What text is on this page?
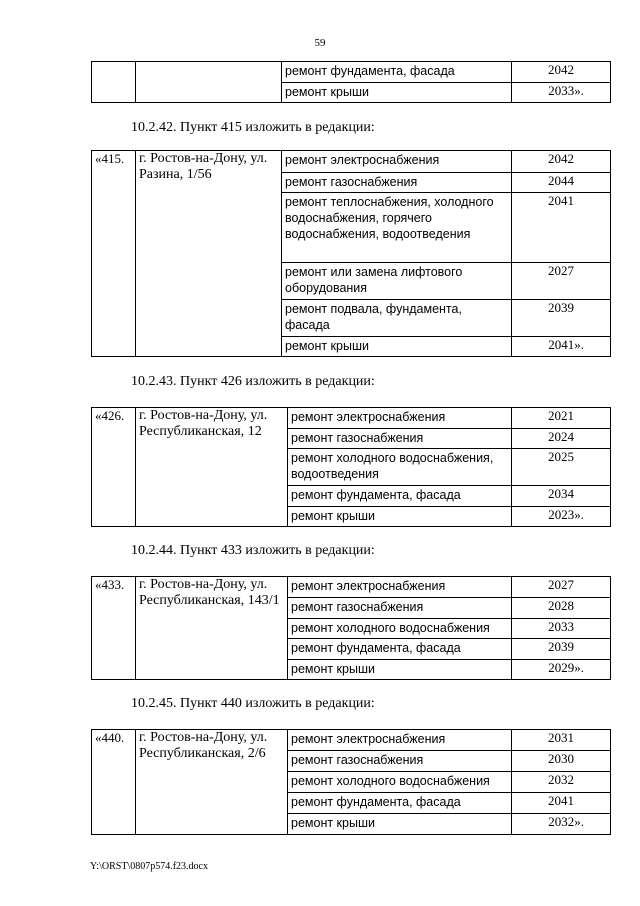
59
		ремонт фундамента, фасада	2042
		ремонт крыши	2033».
10.2.42. Пункт 415 изложить в редакции:
«415.	г. Ростов-на-Дону, ул. Разина, 1/56	ремонт электроснабжения	2042
		ремонт газоснабжения	2044
		ремонт теплоснабжения, холодного водоснабжения, горячего водоснабжения, водоотведения	2041
		ремонт или замена лифтового оборудования	2027
		ремонт подвала, фундамента, фасада	2039
		ремонт крыши	2041».
10.2.43. Пункт 426 изложить в редакции:
«426.	г. Ростов-на-Дону, ул. Республиканская, 12	ремонт электроснабжения	2021
		ремонт газоснабжения	2024
		ремонт холодного водоснабжения, водоотведения	2025
		ремонт фундамента, фасада	2034
		ремонт крыши	2023».
10.2.44. Пункт 433 изложить в редакции:
«433.	г. Ростов-на-Дону, ул. Республиканская, 143/1	ремонт электроснабжения	2027
		ремонт газоснабжения	2028
		ремонт холодного водоснабжения	2033
		ремонт фундамента, фасада	2039
		ремонт крыши	2029».
10.2.45. Пункт 440 изложить в редакции:
«440.	г. Ростов-на-Дону, ул. Республиканская, 2/6	ремонт электроснабжения	2031
		ремонт газоснабжения	2030
		ремонт холодного водоснабжения	2032
		ремонт фундамента, фасада	2041
		ремонт крыши	2032».
Y:\ORST\0807p574.f23.docx
